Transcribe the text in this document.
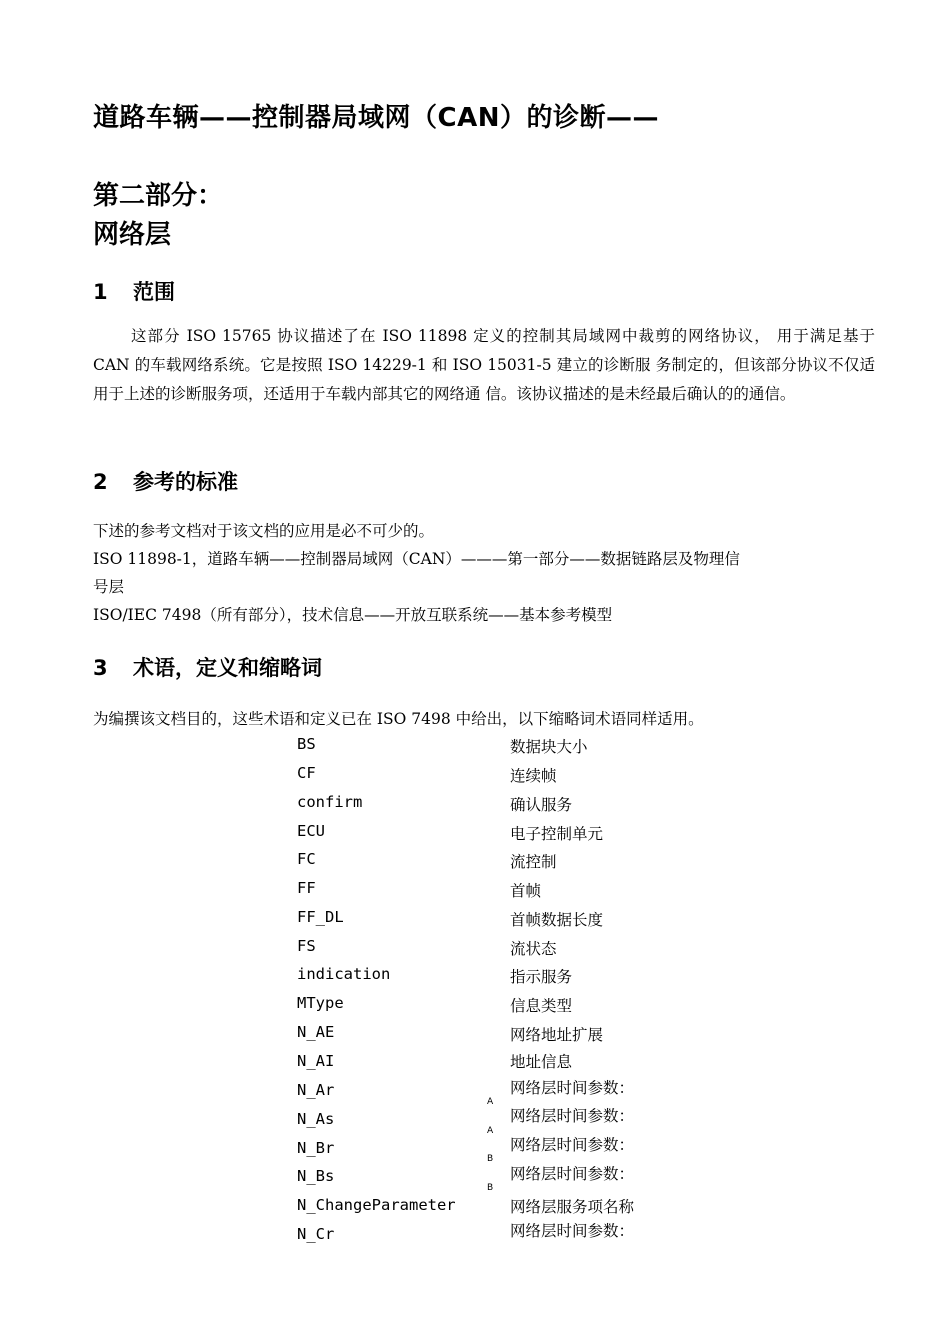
道路车辆——控制器局域网（CAN）的诊断——
第二部分：
网络层
1 范围
这部分 ISO 15765 协议描述了在 ISO 11898 定义的控制其局域网中裁剪的网络协议， 用于满足基于 CAN 的车载网络系统。它是按照 ISO 14229-1 和 ISO 15031-5 建立的诊断服 务制定的，但该部分协议不仅适用于上述的诊断服务项，还适用于车载内部其它的网络通 信。该协议描述的是未经最后确认的的通信。
2 参考的标准
下述的参考文档对于该文档的应用是必不可少的。
ISO 11898-1，道路车辆——控制器局域网（CAN）———第一部分——数据链路层及物理信
号层
ISO/IEC 7498（所有部分），技术信息——开放互联系统——基本参考模型
3 术语，定义和缩略词
为编撰该文档目的，这些术语和定义已在 ISO 7498 中给出，以下缩略词术语同样适用。
BS	数据块大小
CF	连续帧
confirm	确认服务
ECU	电子控制单元
FC	流控制
FF	首帧
FF_DL	首帧数据长度
FS	流状态
indication	指示服务
MType	信息类型
N_AE	网络地址扩展
N_AI	地址信息
N_Ar	网络层时间参数：
N_As	网络层时间参数：
N_Br	网络层时间参数：
N_Bs	网络层时间参数：
N_ChangeParameter	网络层服务项名称
N_Cr	网络层时间参数：
A
A
B
B
